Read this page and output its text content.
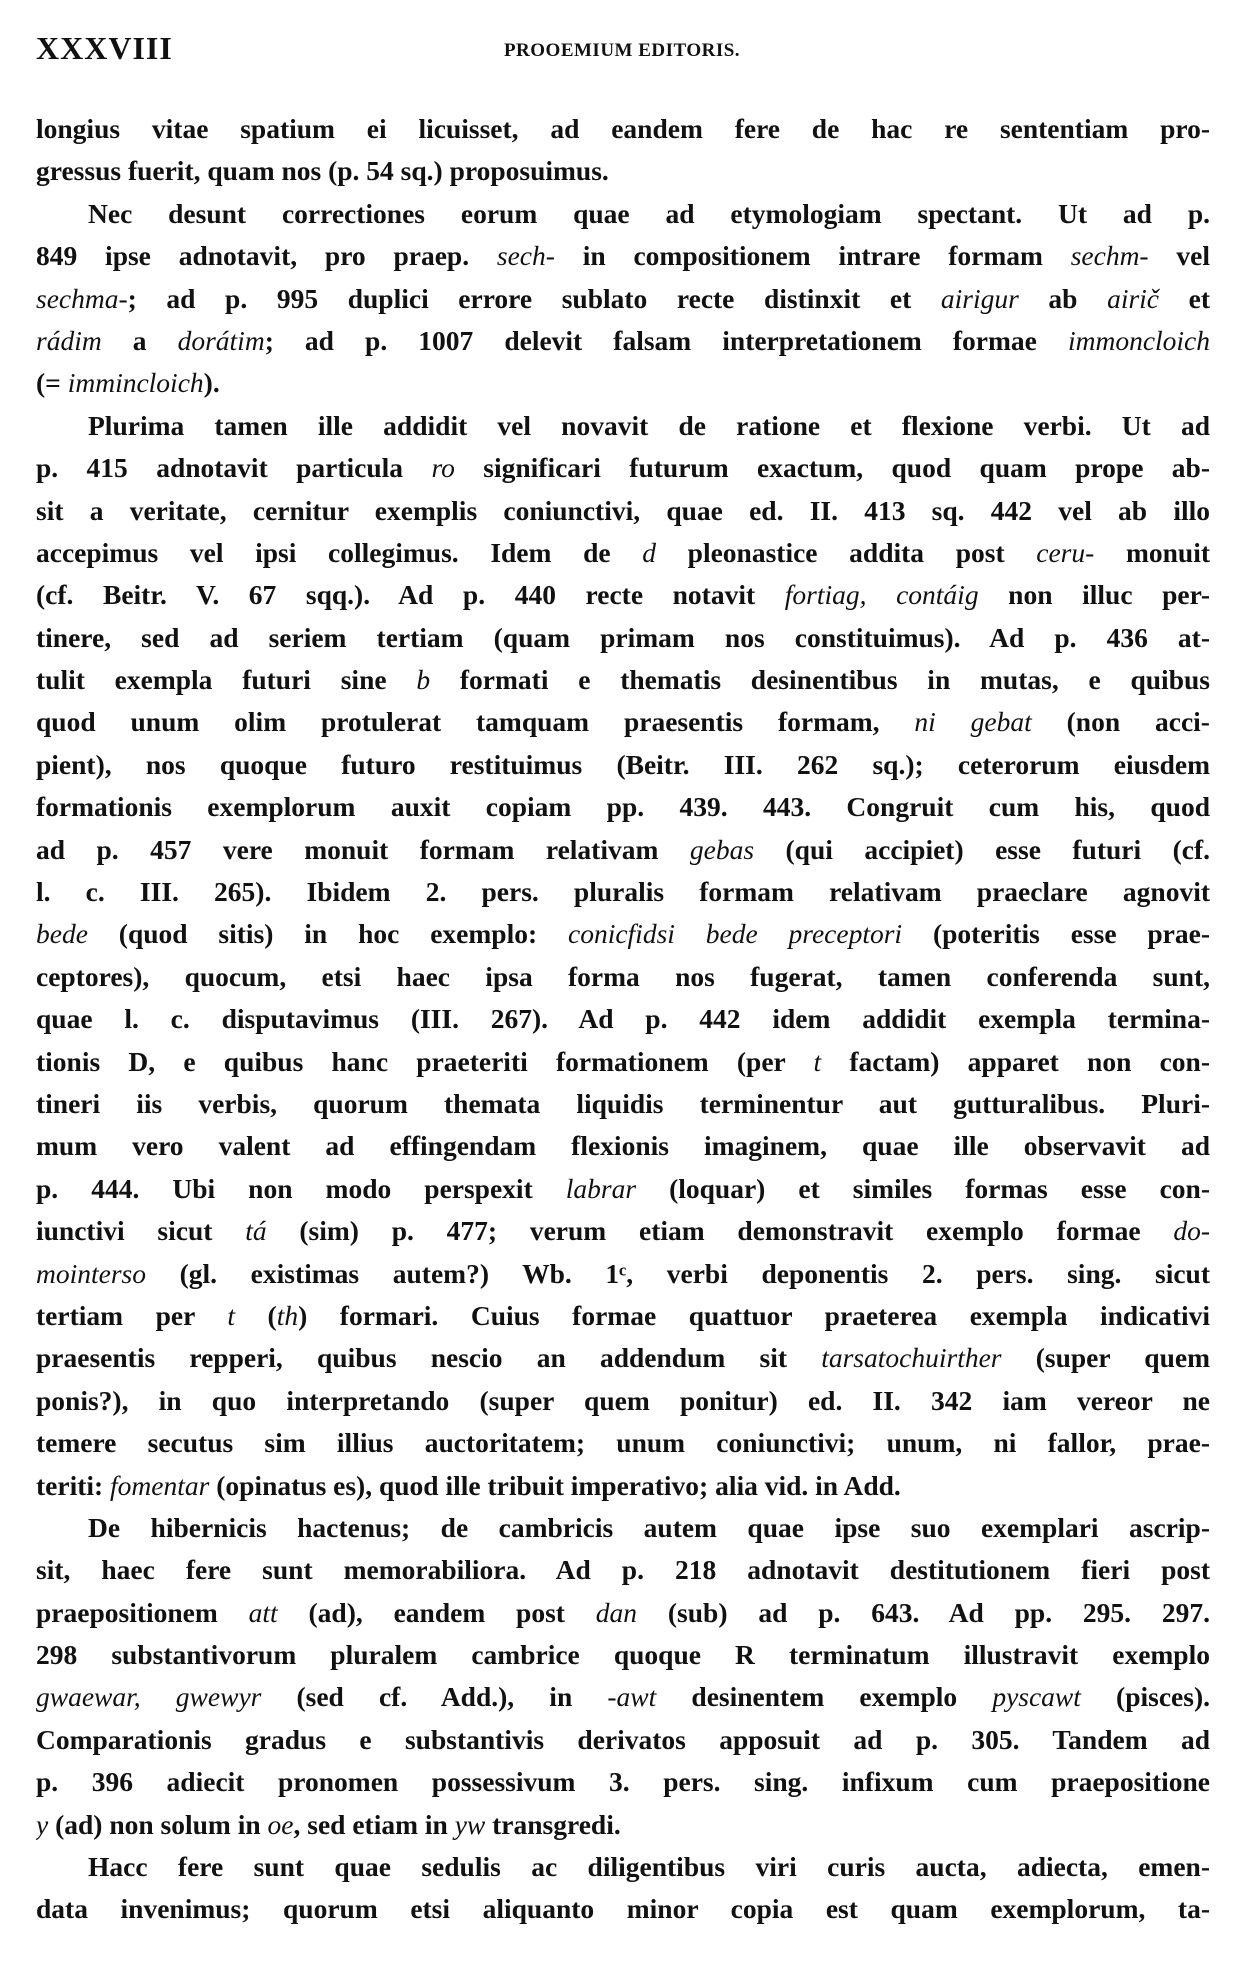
XXXVIII	PROOEMIUM EDITORIS.
longius vitae spatium ei licuisset, ad eandem fere de hac re sententiam pro-
gressus fuerit, quam nos (p. 54 sq.) proposuimus.
Nec desunt correctiones eorum quae ad etymologiam spectant. Ut ad p.
849 ipse adnotavit, pro praep. sech- in compositionem intrare formam sechm- vel
sechma-; ad p. 995 duplici errore sublato recte distinxit et airigur ab airič et
rádim a dorátim; ad p. 1007 delevit falsam interpretationem formae immoncloich
(= immincloich).
Plurima tamen ille addidit vel novavit de ratione et flexione verbi. Ut ad
p. 415 adnotavit particula ro significari futurum exactum, quod quam prope ab-
sit a veritate, cernitur exemplis coniunctivi, quae ed. II. 413 sq. 442 vel ab illo
accepimus vel ipsi collegimus. Idem de d pleonastice addita post ceru- monuit
(cf. Beitr. V. 67 sqq.). Ad p. 440 recte notavit fortiag, contáig non illuc per-
tinere, sed ad seriem tertiam (quam primam nos constituimus). Ad p. 436 at-
tulit exempla futuri sine b formati e thematis desinentibus in mutas, e quibus
quod unum olim protulerat tamquam praesentis formam, ni gebat (non acci-
pient), nos quoque futuro restituimus (Beitr. III. 262 sq.); ceterorum eiusdem
formationis exemplorum auxit copiam pp. 439. 443. Congruit cum his, quod
ad p. 457 vere monuit formam relativam gebas (qui accipiet) esse futuri (cf.
l. c. III. 265). Ibidem 2. pers. pluralis formam relativam praeclare agnovit
bede (quod sitis) in hoc exemplo: conicfidsi bede preceptori (poteritis esse prae-
ceptores), quocum, etsi haec ipsa forma nos fugerat, tamen conferenda sunt,
quae l. c. disputavimus (III. 267). Ad p. 442 idem addidit exempla termina-
tionis D, e quibus hanc praeteriti formationem (per t factam) apparet non con-
tineri iis verbis, quorum themata liquidis terminentur aut gutturalibus. Pluri-
mum vero valent ad effingendam flexionis imaginem, quae ille observavit ad
p. 444. Ubi non modo perspexit labrar (loquar) et similes formas esse con-
iunctivi sicut tá (sim) p. 477; verum etiam demonstravit exemplo formae do-
mointerso (gl. existimas autem?) Wb. 1ᶜ, verbi deponentis 2. pers. sing. sicut
tertiam per t (th) formari. Cuius formae quattuor praeterea exempla indicativi
praesentis repperi, quibus nescio an addendum sit tarsatochuirther (super quem
ponis?), in quo interpretando (super quem ponitur) ed. II. 342 iam vereor ne
temere secutus sim illius auctoritatem; unum coniunctivi; unum, ni fallor, prae-
teriti: fomentar (opinatus es), quod ille tribuit imperativo; alia vid. in Add.
De hibernicis hactenus; de cambricis autem quae ipse suo exemplari ascrip-
sit, haec fere sunt memorabiliora. Ad p. 218 adnotavit destitutionem fieri post
praepositionem att (ad), eandem post dan (sub) ad p. 643. Ad pp. 295. 297.
298 substantivorum pluralem cambrice quoque R terminatum illustravit exemplo
gwaewar, gwewyr (sed cf. Add.), in -awt desinentem exemplo pyscawt (pisces).
Comparationis gradus e substantivis derivatos apposuit ad p. 305. Tandem ad
p. 396 adiecit pronomen possessivum 3. pers. sing. infixum cum praepositione
y (ad) non solum in oe, sed etiam in yw transgredi.
Hacc fere sunt quae sedulis ac diligentibus viri curis aucta, adiecta, emen-
data invenimus; quorum etsi aliquanto minor copia est quam exemplorum, ta-
